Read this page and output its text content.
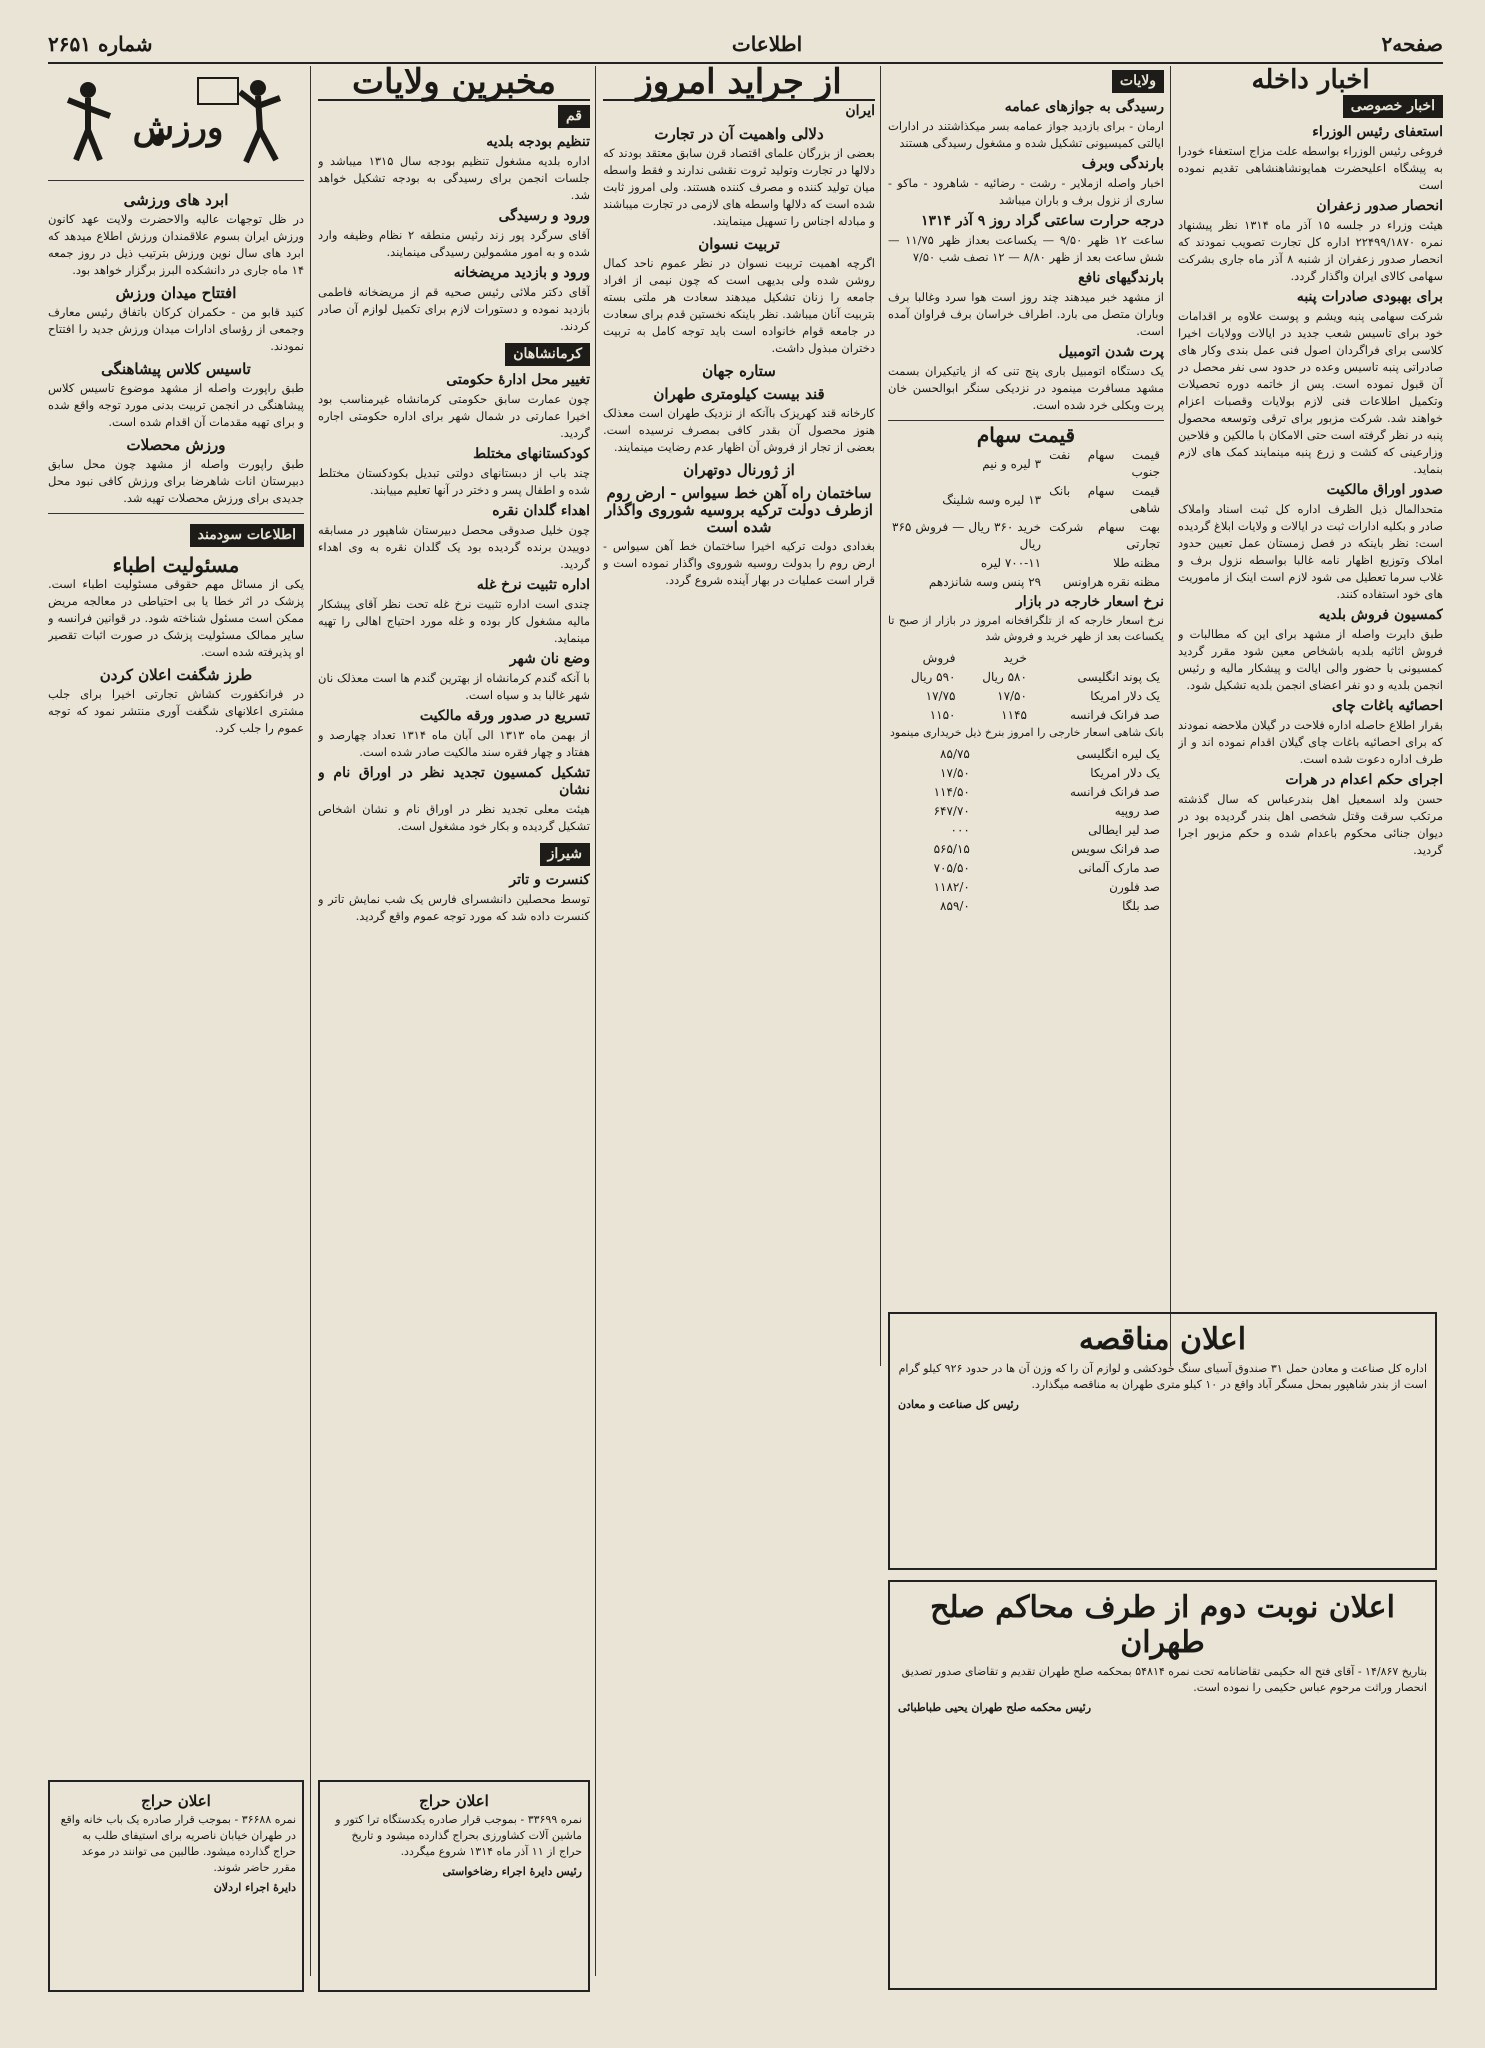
صفحه۲
اطلاعات
شماره ۲۶۵۱
اخبار داخله
اخبار خصوصی
استعفای رئیس الوزراء

فروغی رئیس الوزراء بواسطه علت مزاج استعفاء خودرا به پیشگاه اعلیحضرت همایونشاهنشاهی تقدیم نموده است

انحصار صدور زعفران

هیئت وزراء در جلسه ۱۵ آذر ماه ۱۳۱۴ نظر پیشنهاد نمره ۲۲۴۹۹/۱۸۷۰ اداره کل تجارت تصویب نمودند که انحصار صدور زعفران از شنبه ۸ آذر ماه جاری بشرکت سهامی کالای ایران واگذار گردد.

برای بهبودی صادرات پنبه

شرکت سهامی پنبه ویشم و پوست علاوه بر اقدامات خود برای تاسیس شعب جدید در ایالات وولایات اخیرا کلاسی برای فراگردان اصول فنی عمل بندی وکار های صادراتی پنبه تاسیس وعده در حدود سی نفر محصل در آن قبول نموده است. پس از خاتمه دوره تحصیلات وتکمیل اطلاعات فنی لازم بولایات وقصبات اعزام خواهند شد. شرکت مزبور برای ترقی وتوسعه محصول پنبه در نظر گرفته است حتی الامکان با مالکین و فلاحین وزارعینی که کشت و زرع پنبه مینمایند کمک های لازم بنماید.

صدور اوراق مالکیت

متحدالمال ذیل الظرف اداره کل ثبت اسناد واملاک صادر و بکلیه ادارات ثبت در ایالات و ولایات ابلاغ گردیده است: نظر باینکه در فصل زمستان عمل تعیین حدود املاک وتوزیع اظهار نامه غالبا بواسطه نزول برف و غلاب سرما تعطیل می شود لازم است اینک از ماموریت های خود استفاده کنند.

کمسیون فروش بلدیه

طبق دایرت واصله از مشهد برای این که مطالبات و فروش اثاثیه بلدیه باشخاص معین شود مقرر گردید کمسیونی با حضور والی ایالت و پیشکار مالیه و رئیس انجمن بلدیه و دو نفر اعضای انجمن بلدیه تشکیل شود.

احصائیه باغات چای

بقرار اطلاع حاصله اداره فلاحت در گیلان ملاحضه نمودند که برای احصائیه باغات چای گیلان اقدام نموده اند و از طرف اداره دعوت شده است.

اجرای حکم اعدام در هرات

حسن ولد اسمعیل اهل بندرعباس که سال گذشته مرتکب سرقت وقتل شخصی اهل بندر گردیده بود در دیوان جنائی محکوم باعدام شده و حکم مزبور اجرا گردید.

ولایات
رسیدگی به جوازهای عمامه

ارمان - برای بازدید جواز عمامه بسر میکذاشتند در ادارات ایالتی کمیسیونی تشکیل شده و مشغول رسیدگی هستند

بارندگی وبرف

اخبار واصله ازملایر - رشت - رضائیه - شاهرود - ماکو - ساری از نزول برف و باران میباشد

درجه حرارت ساعتی گراد روز ۹ آذر ۱۳۱۴

ساعت ۱۲ ظهر ۹/۵۰ — یکساعت بعداز ظهر ۱۱/۷۵ — شش ساعت بعد از ظهر ۸/۸۰ — ۱۲ نصف شب ۷/۵۰

بارندگیهای نافع

از مشهد خبر میدهند چند روز است هوا سرد وغالبا برف وباران متصل می بارد. اطراف خراسان برف فراوان آمده است.

پرت شدن اتومبیل

یک دستگاه اتومبیل باری پنج تنی که از یاتیکیران بسمت مشهد مسافرت مینمود در نزدیکی سنگر ابوالحسن خان پرت وبکلی خرد شده است.

قیمت سهام
قیمت سهام نفت جنوب	۳ لیره و نیم
قیمت سهام بانک شاهی	۱۳ لیره وسه شلینگ
بهت سهام شرکت تجارتی	خرید ۳۶۰ ریال — فروش ۳۶۵ ریال
مظنه طلا	۷۰۰-۱۱ لیره
مظنه نقره هراونس	۲۹ پنس وسه شانزدهم
نرخ اسعار خارجه در بازار

نرخ اسعار خارجه که از تلگرافخانه امروز در بازار از صبح تا یکساعت بعد از ظهر خرید و فروش شد

	خرید	فروش
یک پوند انگلیسی	۵۸۰ ریال	۵۹۰ ریال
یک دلار امریکا	۱۷/۵۰	۱۷/۷۵
صد فرانک فرانسه	۱۱۴۵	۱۱۵۰

بانک شاهی اسعار خارجی را امروز بنرخ ذیل خریداری مینمود

یک لیره انگلیسی	۸۵/۷۵
یک دلار امریکا	۱۷/۵۰
صد فرانک فرانسه	۱۱۴/۵۰
صد روپیه	۶۴۷/۷۰
صد لیر ایطالی	۰۰۰
صد فرانک سویس	۵۶۵/۱۵
صد مارک آلمانی	۷۰۵/۵۰
صد فلورن	۱۱۸۲/۰
صد بلگا	۸۵۹/۰
از جراید امروز
ایران
دلالی واهمیت آن در تجارت

بعضی از بزرگان علمای اقتصاد قرن سابق معتقد بودند که دلالها در تجارت وتولید ثروت نقشی ندارند و فقط واسطه میان تولید کننده و مصرف کننده هستند. ولی امروز ثابت شده است که دلالها واسطه های لازمی در تجارت میباشند و مبادله اجناس را تسهیل مینمایند.

تربیت نسوان

اگرچه اهمیت تربیت نسوان در نظر عموم ناحد کمال روشن شده ولی بدیهی است که چون نیمی از افراد جامعه را زنان تشکیل میدهند سعادت هر ملتی بسته بتربیت آنان میباشد. نظر باینکه نخستین قدم برای سعادت در جامعه قوام خانواده است باید توجه کامل به تربیت دختران مبذول داشت.

ستاره جهان

قند بیست کیلومتری طهران

کارخانه قند کهریزک باآنکه از نزدیک طهران است معذلک هنوز محصول آن بقدر کافی بمصرف نرسیده است. بعضی از تجار از فروش آن اظهار عدم رضایت مینمایند.

از ژورنال دوتهران

ساختمان راه آهن خط سیواس - ارض روم ازطرف دولت ترکیه بروسیه شوروی واگذار شده است

بغدادی دولت ترکیه اخیرا ساختمان خط آهن سیواس - ارض روم را بدولت روسیه شوروی واگذار نموده است و قرار است عملیات در بهار آینده شروع گردد.

مخبرین ولایات
قم
تنظیم بودجه بلدیه

اداره بلدیه مشغول تنظیم بودجه سال ۱۳۱۵ میباشد و جلسات انجمن برای رسیدگی به بودجه تشکیل خواهد شد.

ورود و رسیدگی

آقای سرگرد پور زند رئیس منطقه ۲ نظام وظیفه وارد شده و به امور مشمولین رسیدگی مینمایند.

ورود و بازدید مریضخانه

آقای دکتر ملائی رئیس صحیه قم از مریضخانه فاطمی بازدید نموده و دستورات لازم برای تکمیل لوازم آن صادر کردند.

کرمانشاهان
تغییر محل ادارهٔ حکومتی

چون عمارت سابق حکومتی کرمانشاه غیرمناسب بود اخیرا عمارتی در شمال شهر برای اداره حکومتی اجاره گردید.

کودکستانهای مختلط

چند باب از دبستانهای دولتی تبدیل بکودکستان مختلط شده و اطفال پسر و دختر در آنها تعلیم مییابند.

اهداء گلدان نقره

چون خلیل صدوقی محصل دبیرستان شاهپور در مسابقه دوییدن برنده گردیده بود یک گلدان نقره به وی اهداء گردید.

اداره تثبیت نرخ غله

چندی است اداره تثبیت نرخ غله تحت نظر آقای پیشکار مالیه مشغول کار بوده و غله مورد احتیاج اهالی را تهیه مینماید.

وضع نان شهر

با آنکه گندم کرمانشاه از بهترین گندم ها است معذلک نان شهر غالبا بد و سیاه است.

تسریع در صدور ورقه مالکیت

از بهمن ماه ۱۳۱۳ الی آبان ماه ۱۳۱۴ تعداد چهارصد و هفتاد و چهار فقره سند مالکیت صادر شده است.

تشکیل کمسیون تجدید نظر در اوراق نام و نشان

هیئت معلی تجدید نظر در اوراق نام و نشان اشخاص تشکیل گردیده و بکار خود مشغول است.

شیراز
کنسرت و تاتر

توسط محصلین دانشسرای فارس یک شب نمایش تاتر و کنسرت داده شد که مورد توجه عموم واقع گردید.

ورزش
ابرد های ورزشی

در ظل توجهات عالیه والاحضرت ولایت عهد کانون ورزش ایران بسوم علاقمندان ورزش اطلاع میدهد که ابرد های سال نوین ورزش بترتیب ذیل در روز جمعه ۱۴ ماه جاری در دانشکده البرز برگزار خواهد بود.

افتتاح میدان ورزش

کنید قابو من - حکمران کرکان باتفاق رئیس معارف وجمعی از رؤسای ادارات میدان ورزش جدید را افتتاح نمودند.

تاسیس کلاس پیشاهنگی

طبق راپورت واصله از مشهد موضوع تاسیس کلاس پیشاهنگی در انجمن تربیت بدنی مورد توجه واقع شده و برای تهیه مقدمات آن اقدام شده است.

ورزش محصلات

طبق راپورت واصله از مشهد چون محل سابق دبیرستان انات شاهرضا برای ورزش کافی نبود محل جدیدی برای ورزش محصلات تهیه شد.

اطلاعات سودمند
مسئولیت اطباء

یکی از مسائل مهم حقوقی مسئولیت اطباء است. پزشک در اثر خطا یا بی احتیاطی در معالجه مریض ممکن است مسئول شناخته شود. در قوانین فرانسه و سایر ممالک مسئولیت پزشک در صورت اثبات تقصیر او پذیرفته شده است.

طرز شگفت اعلان کردن

در فرانکفورت کشاش تجارتی اخیرا برای جلب مشتری اعلانهای شگفت آوری منتشر نمود که توجه عموم را جلب کرد.

اعلان مناقصه

اداره کل صناعت و معادن حمل ۳۱ صندوق آسیای سنگ خودکشی و لوازم آن را که وزن آن ها در حدود ۹۲۶ کیلو گرام است از بندر شاهپور بمحل مسگر آباد واقع در ۱۰ کیلو متری طهران به مناقصه میگذارد.

رئیس کل صناعت و معادن

اعلان نوبت دوم از طرف محاکم صلح طهران

بتاریخ ۱۴/۸۶۷ - آقای فتح اله حکیمی تقاضانامه تحت نمره ۵۴۸۱۴ بمحکمه صلح طهران تقدیم و تقاضای صدور تصدیق انحصار وراثت مرحوم عباس حکیمی را نموده است.

رئیس محکمه صلح طهران یحیی طباطبائی

اعلان حراج

نمره ۳۶۶۸۸ - بموجب قرار صادره یک باب خانه واقع در طهران خیابان ناصریه برای استیفای طلب به حراج گذارده میشود. طالبین می توانند در موعد مقرر حاضر شوند.

دایرهٔ اجراء اردلان

اعلان حراج

نمره ۳۳۶۹۹ - بموجب قرار صادره یکدستگاه ترا کتور و ماشین آلات کشاورزی بحراج گذارده میشود و تاریخ حراج از ۱۱ آذر ماه ۱۳۱۴ شروع میگردد.

رئیس دایرهٔ اجراء رضاخواستی
